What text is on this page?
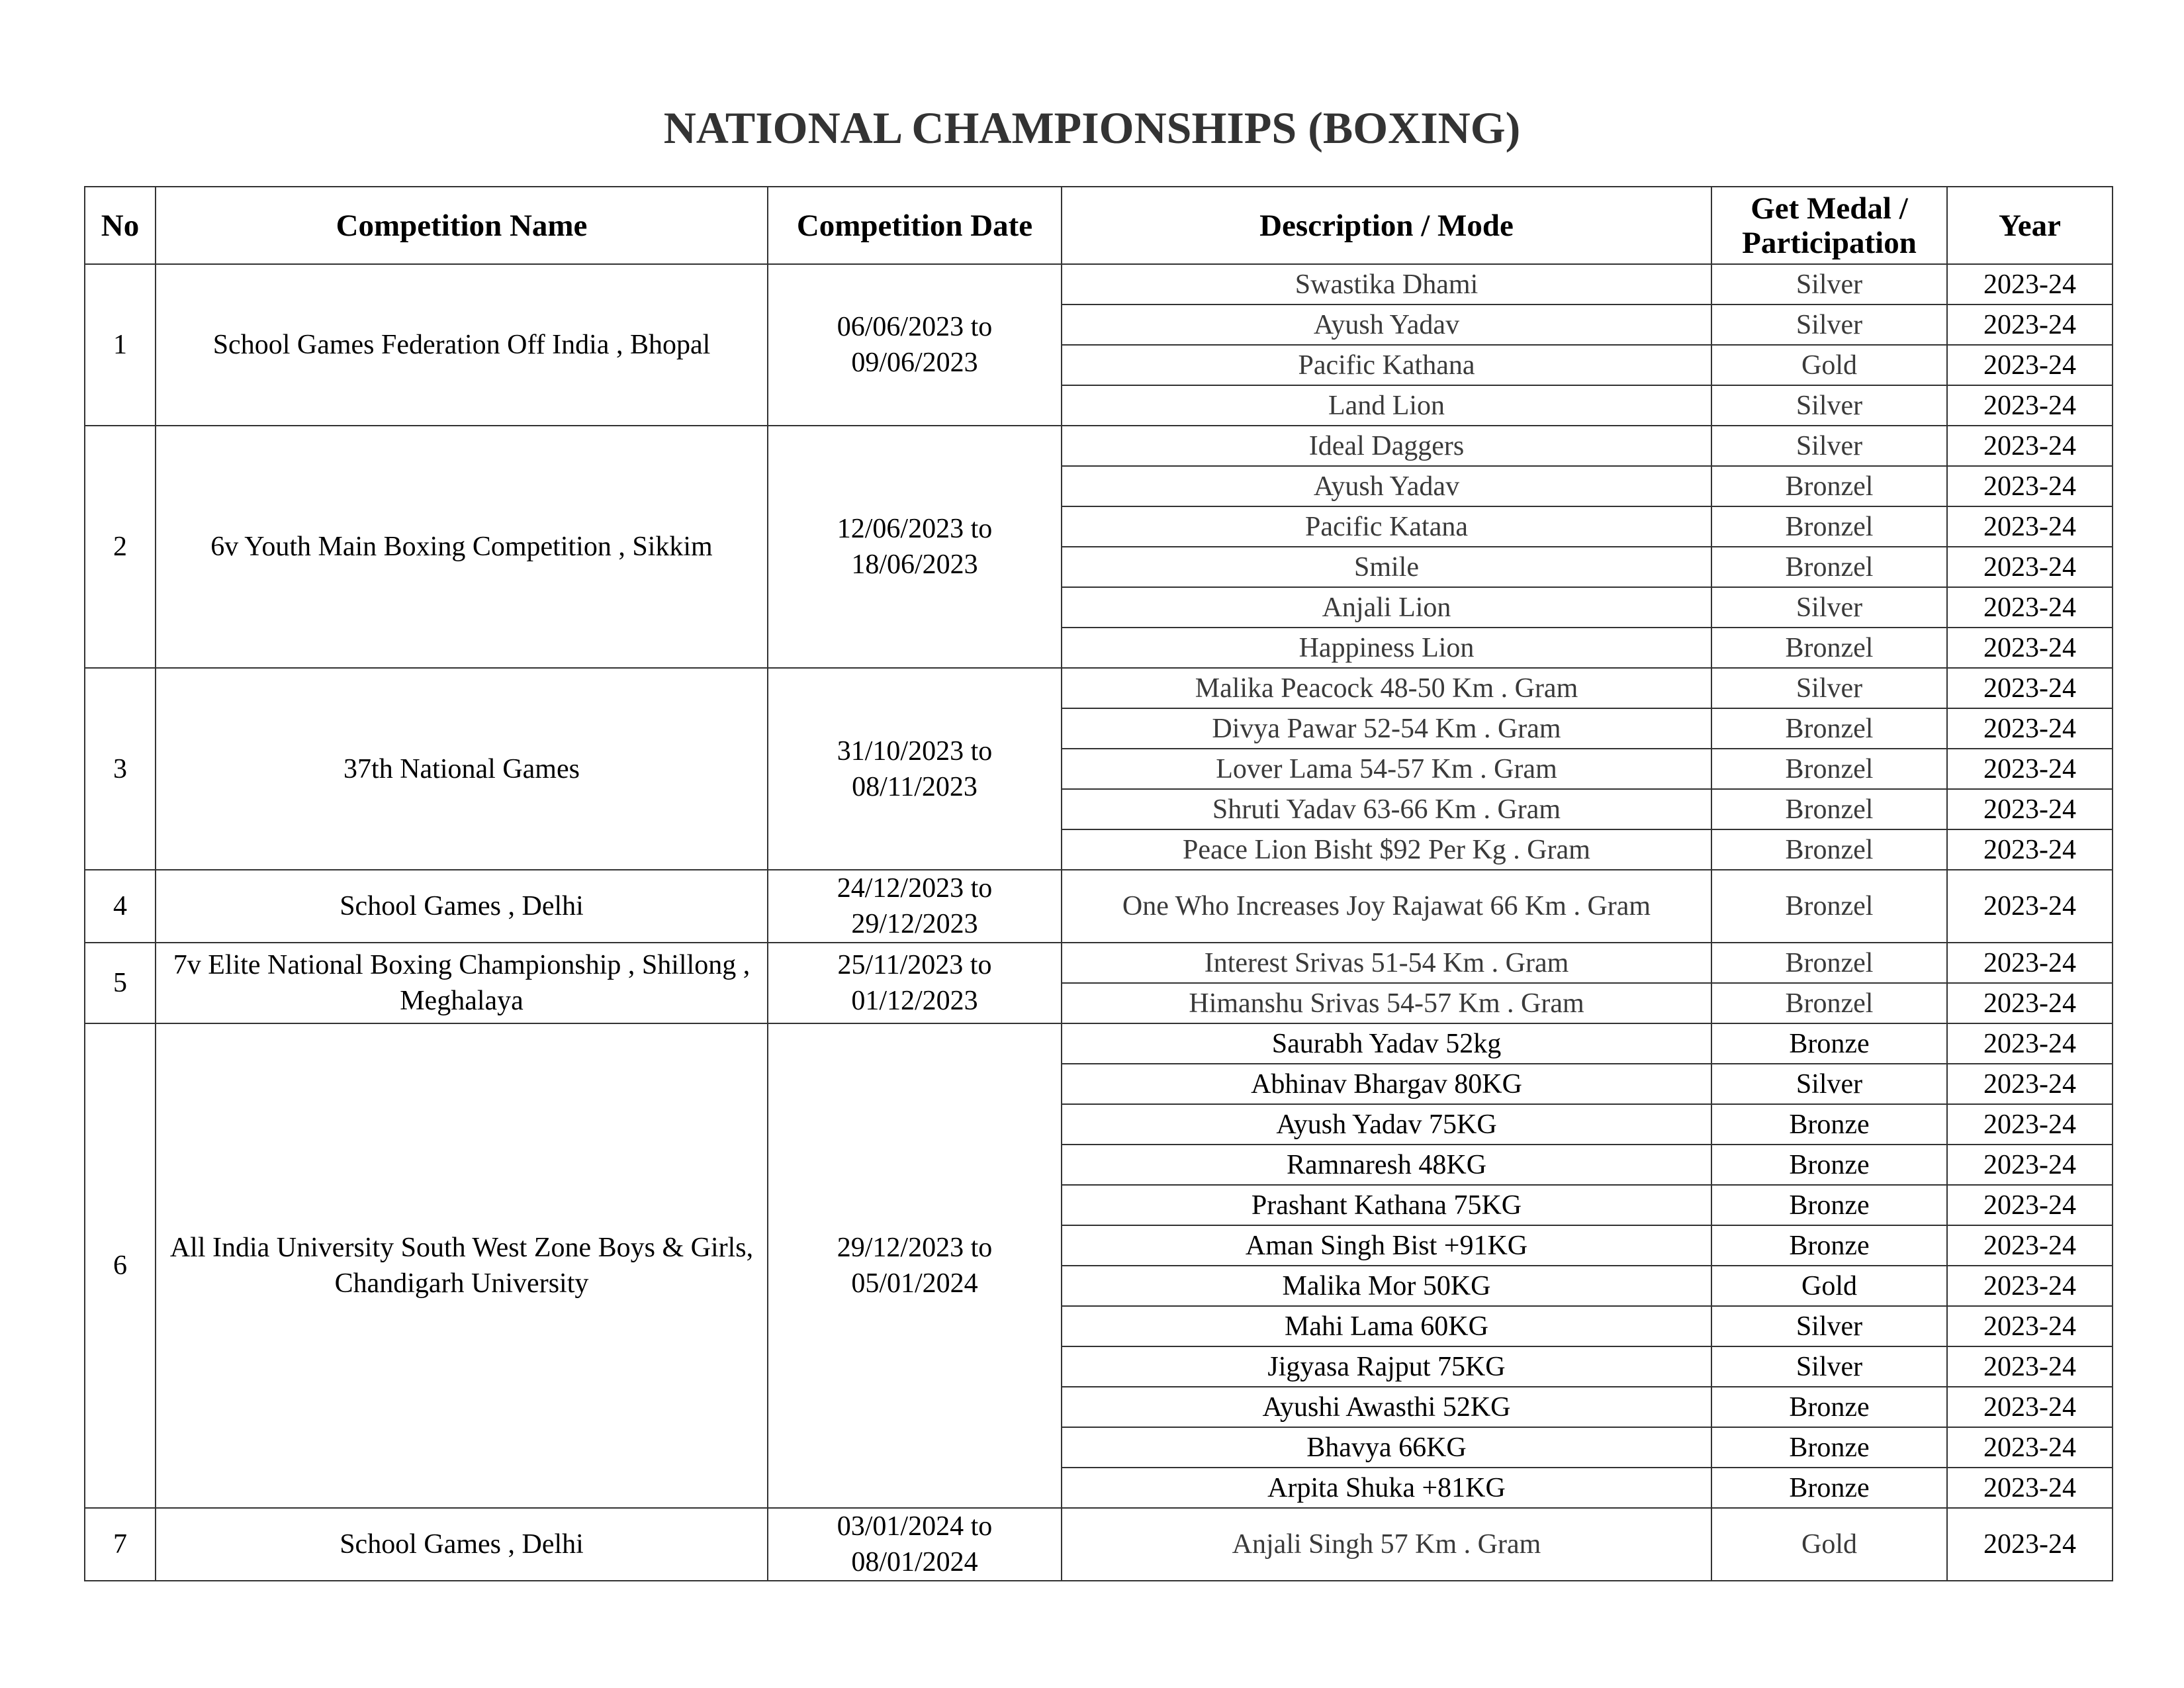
NATIONAL CHAMPIONSHIPS (BOXING)
No	Competition Name	Competition Date	Description / Mode	Get Medal / Participation	Year
1	School Games Federation Off India , Bhopal	06/06/2023 to 09/06/2023	Swastika Dhami	Silver	2023-24
			Ayush Yadav	Silver	2023-24
			Pacific Kathana	Gold	2023-24
			Land Lion	Silver	2023-24
2	6v Youth Main Boxing Competition , Sikkim	12/06/2023 to 18/06/2023	Ideal Daggers	Silver	2023-24
			Ayush Yadav	Bronzel	2023-24
			Pacific Katana	Bronzel	2023-24
			Smile	Bronzel	2023-24
			Anjali Lion	Silver	2023-24
			Happiness Lion	Bronzel	2023-24
3	37th National Games	31/10/2023 to 08/11/2023	Malika Peacock 48-50 Km . Gram	Silver	2023-24
			Divya Pawar 52-54 Km . Gram	Bronzel	2023-24
			Lover Lama 54-57 Km . Gram	Bronzel	2023-24
			Shruti Yadav 63-66 Km . Gram	Bronzel	2023-24
			Peace Lion Bisht $92 Per Kg . Gram	Bronzel	2023-24
4	School Games , Delhi	24/12/2023 to 29/12/2023	One Who Increases Joy Rajawat 66 Km . Gram	Bronzel	2023-24
5	7v Elite National Boxing Championship , Shillong , Meghalaya	25/11/2023 to 01/12/2023	Interest Srivas 51-54 Km . Gram	Bronzel	2023-24
			Himanshu Srivas 54-57 Km . Gram	Bronzel	2023-24
6	All India University South West Zone Boys & Girls, Chandigarh University	29/12/2023 to 05/01/2024	Saurabh Yadav 52kg	Bronze	2023-24
			Abhinav Bhargav 80KG	Silver	2023-24
			Ayush Yadav 75KG	Bronze	2023-24
			Ramnaresh 48KG	Bronze	2023-24
			Prashant Kathana 75KG	Bronze	2023-24
			Aman Singh Bist +91KG	Bronze	2023-24
			Malika Mor 50KG	Gold	2023-24
			Mahi Lama 60KG	Silver	2023-24
			Jigyasa Rajput 75KG	Silver	2023-24
			Ayushi Awasthi 52KG	Bronze	2023-24
			Bhavya 66KG	Bronze	2023-24
			Arpita Shuka +81KG	Bronze	2023-24
7	School Games , Delhi	03/01/2024 to 08/01/2024	Anjali Singh 57 Km . Gram	Gold	2023-24
